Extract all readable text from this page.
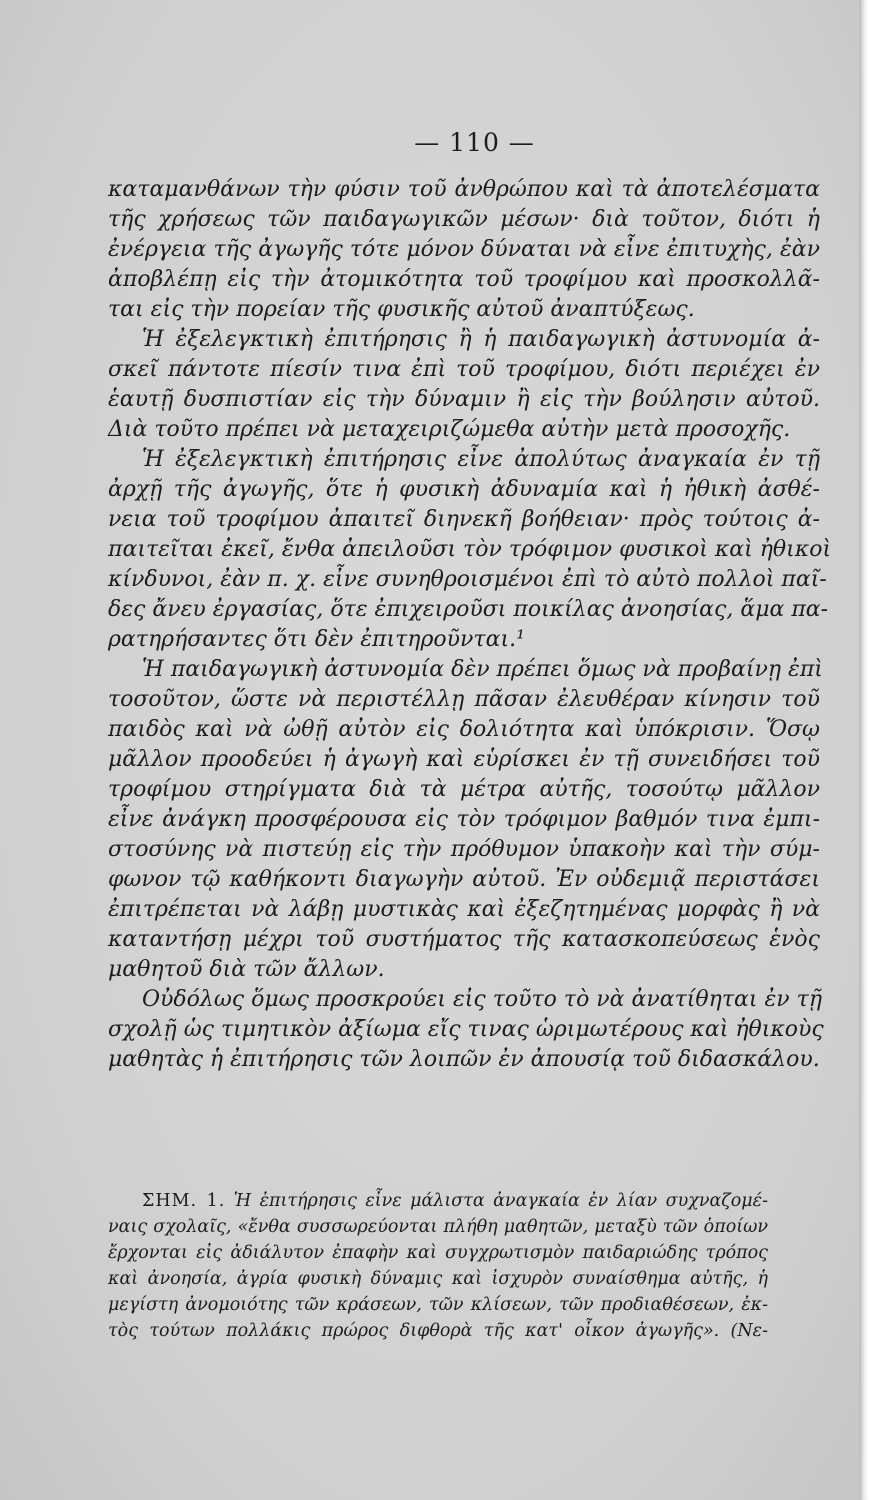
— 110 —
καταμανθάνων τὴν φύσιν τοῦ ἀνθρώπου καὶ τὰ ἀποτελέσματα
τῆς χρήσεως τῶν παιδαγωγικῶν μέσων· διὰ τοῦτον, διότι ἡ
ἐνέργεια τῆς ἀγωγῆς τότε μόνον δύναται νὰ εἶνε ἐπιτυχὴς, ἐὰν
ἀποβλέπῃ εἰς τὴν ἀτομικότητα τοῦ τροφίμου καὶ προσκολλᾶ-
ται εἰς τὴν πορείαν τῆς φυσικῆς αὐτοῦ ἀναπτύξεως.
Ἡ ἐξελεγκτικὴ ἐπιτήρησις ἢ ἡ παιδαγωγικὴ ἀστυνομία ἀ-
σκεῖ πάντοτε πίεσίν τινα ἐπὶ τοῦ τροφίμου, διότι περιέχει ἐν
ἑαυτῇ δυσπιστίαν εἰς τὴν δύναμιν ἢ εἰς τὴν βούλησιν αὐτοῦ.
Διὰ τοῦτο πρέπει νὰ μεταχειριζώμεθα αὐτὴν μετὰ προσοχῆς.
Ἡ ἐξελεγκτικὴ ἐπιτήρησις εἶνε ἀπολύτως ἀναγκαία ἐν τῇ
ἀρχῇ τῆς ἀγωγῆς, ὅτε ἡ φυσικὴ ἀδυναμία καὶ ἡ ἠθικὴ ἀσθέ-
νεια τοῦ τροφίμου ἀπαιτεῖ διηνεκῆ βοήθειαν· πρὸς τούτοις ἀ-
παιτεῖται ἐκεῖ, ἔνθα ἀπειλοῦσι τὸν τρόφιμον φυσικοὶ καὶ ἠθικοὶ
κίνδυνοι, ἐὰν π. χ. εἶνε συνηθροισμένοι ἐπὶ τὸ αὐτὸ πολλοὶ παῖ-
δες ἄνευ ἐργασίας, ὅτε ἐπιχειροῦσι ποικίλας ἀνοησίας, ἅμα πα-
ρατηρήσαντες ὅτι δὲν ἐπιτηροῦνται.¹
Ἡ παιδαγωγικὴ ἀστυνομία δὲν πρέπει ὅμως νὰ προβαίνῃ ἐπὶ
τοσοῦτον, ὥστε νὰ περιστέλλῃ πᾶσαν ἐλευθέραν κίνησιν τοῦ
παιδὸς καὶ νὰ ὠθῇ αὐτὸν εἰς δολιότητα καὶ ὑπόκρισιν. Ὅσῳ
μᾶλλον προοδεύει ἡ ἀγωγὴ καὶ εὑρίσκει ἐν τῇ συνειδήσει τοῦ
τροφίμου στηρίγματα διὰ τὰ μέτρα αὐτῆς, τοσούτῳ μᾶλλον
εἶνε ἀνάγκη προσφέρουσα εἰς τὸν τρόφιμον βαθμόν τινα ἐμπι-
στοσύνης νὰ πιστεύῃ εἰς τὴν πρόθυμον ὑπακοὴν καὶ τὴν σύμ-
φωνον τῷ καθήκοντι διαγωγὴν αὐτοῦ. Ἐν οὐδεμιᾷ περιστάσει
ἐπιτρέπεται νὰ λάβῃ μυστικὰς καὶ ἐξεζητημένας μορφὰς ἢ νὰ
καταντήσῃ μέχρι τοῦ συστήματος τῆς κατασκοπεύσεως ἑνὸς
μαθητοῦ διὰ τῶν ἄλλων.
Οὐδόλως ὅμως προσκρούει εἰς τοῦτο τὸ νὰ ἀνατίθηται ἐν τῇ
σχολῇ ὡς τιμητικὸν ἀξίωμα εἴς τινας ὡριμωτέρους καὶ ἠθικοὺς
μαθητὰς ἡ ἐπιτήρησις τῶν λοιπῶν ἐν ἀπουσίᾳ τοῦ διδασκάλου.
ΣΗΜ. 1. Ἡ ἐπιτήρησις εἶνε μάλιστα ἀναγκαία ἐν λίαν συχναζομέ-
ναις σχολαῖς, «ἔνθα συσσωρεύονται πλήθη μαθητῶν, μεταξὺ τῶν ὁποίων
ἔρχονται εἰς ἀδιάλυτον ἐπαφὴν καὶ συγχρωτισμὸν παιδαριώδης τρόπος
καὶ ἀνοησία, ἀγρία φυσικὴ δύναμις καὶ ἰσχυρὸν συναίσθημα αὐτῆς, ἡ
μεγίστη ἀνομοιότης τῶν κράσεων, τῶν κλίσεων, τῶν προδιαθέσεων, ἐκ-
τὸς τούτων πολλάκις πρώρος διφθορὰ τῆς κατ' οἶκον ἀγωγῆς». (Νε-
